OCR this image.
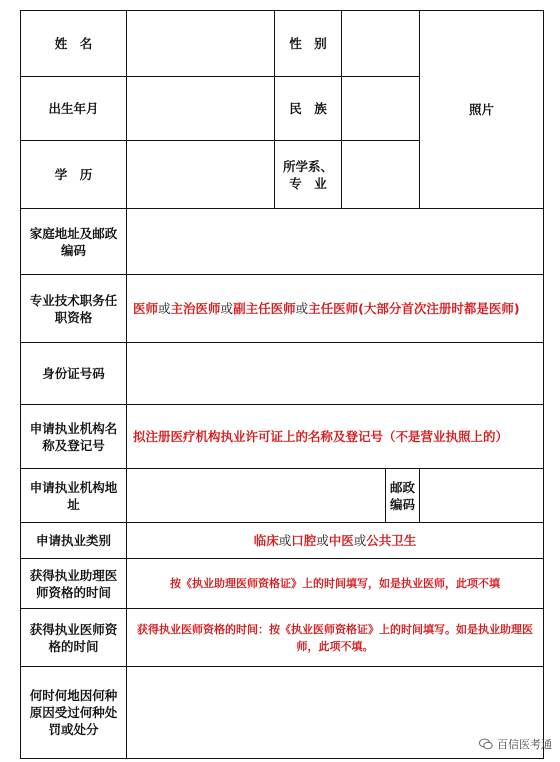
姓　名		性　别			照片
出生年月		民　族			
学　历		所学系、专　业			
家庭地址及邮政编码					
专业技术职务任职资格	医师或主治医师或副主任医师或主任医师(大部分首次注册时都是医师)				
身份证号码					
申请执业机构名称及登记号	拟注册医疗机构执业许可证上的名称及登记号（不是营业执照上的）				
申请执业机构地址				邮政编码	
申请执业类别	临床或口腔或中医或公共卫生				
获得执业助理医师资格的时间	按《执业助理医师资格证》上的时间填写，如是执业医师，此项不填				
获得执业医师资格的时间	获得执业医师资格的时间：按《执业医师资格证》上的时间填写。如是执业助理医师，此项不填。				
何时何地因何种原因受过何种处罚或处分					
百信医考通
